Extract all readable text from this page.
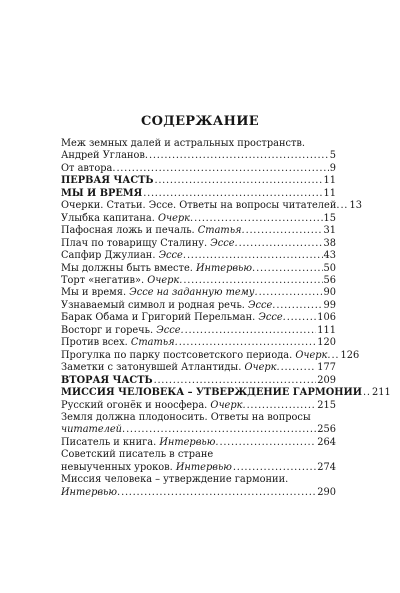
СОДЕРЖАНИЕ
Меж земных далей и астральных пространств.
Андрей Угланов. . . .	5
От автора. . . .	9
ПЕРВАЯ ЧАСТЬ . . .	11
МЫ И ВРЕМЯ . . .	11
Очерки. Статьи. Эссе. Ответы на вопросы читателей. . . . 13
Улыбка капитана. Очерк. . . .	15
Пафосная ложь и печаль. Статья. . . .	31
Плач по товарищу Сталину. Эссе. . . .	38
Сапфир Джулиан. Эссе. . . .	43
Мы должны быть вместе. Интервью. . . .	50
Торт «негатив». Очерк. . . .	56
Мы и время. Эссе на заданную тему. . . .	90
Узнаваемый символ и родная речь. Эссе. . . .	99
Барак Обама и Григорий Перельман. Эссе. . . .	106
Восторг и горечь. Эссе. . . .	111
Против всех. Статья. . . .	120
Прогулка по парку постсоветского периода. Очерк. . . . 126
Заметки с затонувшей Атлантиды. Очерк. . . .	177
ВТОРАЯ ЧАСТЬ . . .	209
МИССИЯ ЧЕЛОВЕКА – УТВЕРЖДЕНИЕ ГАРМОНИИ . . . 211
Русский огонёк и ноосфера. Очерк. . . .	215
Земля должна плодоносить. Ответы на вопросы
читателей. . . .	256
Писатель и книга. Интервью. . . .	264
Советский писатель в стране
невыученных уроков. Интервью . . .	274
Миссия человека – утверждение гармонии.
Интервью. . . .	290
